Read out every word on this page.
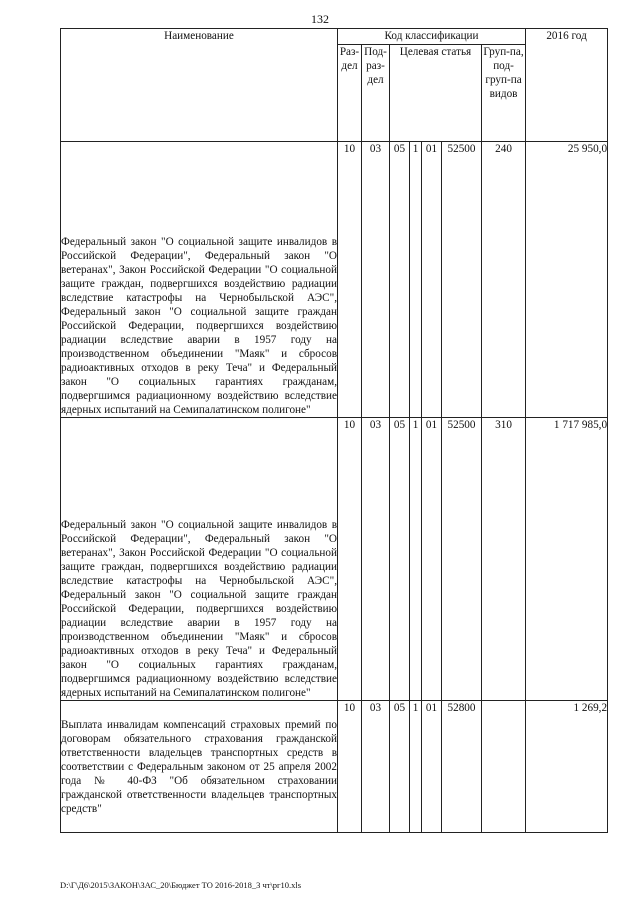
132
Наименование	Код классификации							2016 год

	Раз-дел	Под-раз-дел	Целевая статья				Груп-па, под-груп-па видов	

Федеральный закон "О социальной защите инвалидов в Российской Федерации", Федеральный закон "О ветеранах", Закон Российской Федерации "О социальной защите граждан, подвергшихся воздействию радиации вследствие катастрофы на Чернобыльской АЭС", Федеральный закон "О социальной защите граждан Российской Федерации, подвергшихся воздействию радиации вследствие аварии в 1957 году на производственном объединении "Маяк" и сбросов радиоактивных отходов в реку Теча" и Федеральный закон "О социальных гарантиях гражданам, подвергшимся радиационному воздействию вследствие ядерных испытаний на Семипалатинском полигоне"	10	03	05	1	01	52500	240	25 950,0

Федеральный закон "О социальной защите инвалидов в Российской Федерации", Федеральный закон "О ветеранах", Закон Российской Федерации "О социальной защите граждан, подвергшихся воздействию радиации вследствие катастрофы на Чернобыльской АЭС", Федеральный закон "О социальной защите граждан Российской Федерации, подвергшихся воздействию радиации вследствие аварии в 1957 году на производственном объединении "Маяк" и сбросов радиоактивных отходов в реку Теча" и Федеральный закон "О социальных гарантиях гражданам, подвергшимся радиационному воздействию вследствие ядерных испытаний на Семипалатинском полигоне"	10	03	05	1	01	52500	310	1 717 985,0

Выплата инвалидам компенсаций страховых премий по договорам обязательного страхования гражданской ответственности владельцев транспортных средств в соответствии с Федеральным законом от 25 апреля 2002 года № 40-ФЗ "Об обязательном страховании гражданской ответственности владельцев транспортных средств"	10	03	05	1	01	52800		1 269,2
D:\Г\Д6\2015\ЗАКОН\ЗАС_20\Бюджет ТО 2016-2018_3 чт\рг10.xls
